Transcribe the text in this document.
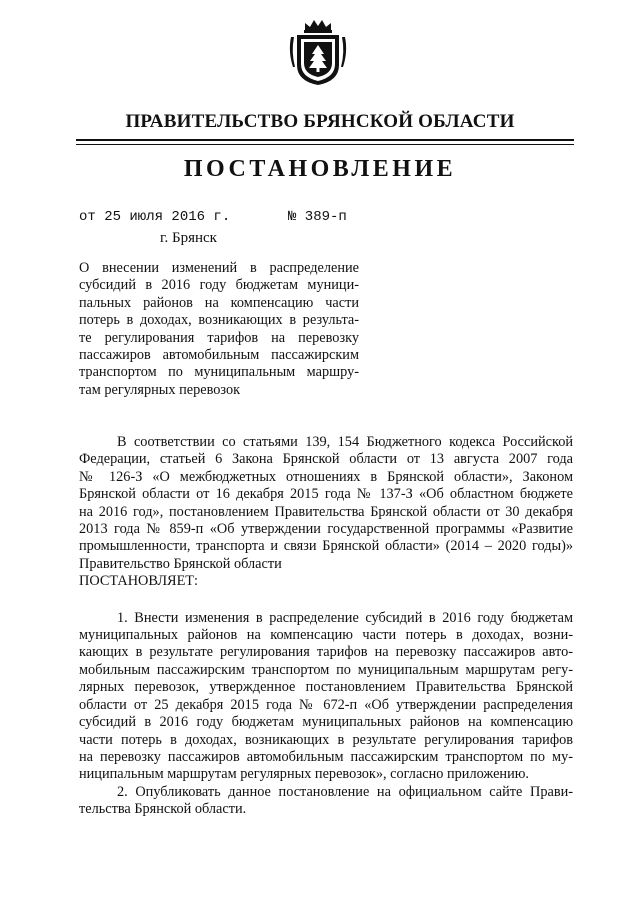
ПРАВИТЕЛЬСТВО БРЯНСКОЙ ОБЛАСТИ
ПОСТАНОВЛЕНИЕ
от 25 июля 2016 г.	№ 389-п
г. Брянск
О внесении изменений в распределение
субсидий в 2016 году бюджетам муници-
пальных районов на компенсацию части
потерь в доходах, возникающих в результа-
те регулирования тарифов на перевозку
пассажиров автомобильным пассажирским
транспортом по муниципальным маршру-
там регулярных перевозок
В соответствии со статьями 139, 154 Бюджетного кодекса Российской
Федерации, статьей 6 Закона Брянской области от 13 августа 2007 года
№ 126-З «О межбюджетных отношениях в Брянской области», Законом
Брянской области от 16 декабря 2015 года № 137-З «Об областном бюджете
на 2016 год», постановлением Правительства Брянской области от 30 декабря
2013 года № 859-п «Об утверждении государственной программы «Развитие
промышленности, транспорта и связи Брянской области» (2014 – 2020 годы)»
Правительство Брянской области
ПОСТАНОВЛЯЕТ:
1. Внести изменения в распределение субсидий в 2016 году бюджетам
муниципальных районов на компенсацию части потерь в доходах, возни-
кающих в результате регулирования тарифов на перевозку пассажиров авто-
мобильным пассажирским транспортом по муниципальным маршрутам регу-
лярных перевозок, утвержденное постановлением Правительства Брянской
области от 25 декабря 2015 года № 672-п «Об утверждении распределения
субсидий в 2016 году бюджетам муниципальных районов на компенсацию
части потерь в доходах, возникающих в результате регулирования тарифов
на перевозку пассажиров автомобильным пассажирским транспортом по му-
ниципальным маршрутам регулярных перевозок», согласно приложению.
2. Опубликовать данное постановление на официальном сайте Прави-
тельства Брянской области.
